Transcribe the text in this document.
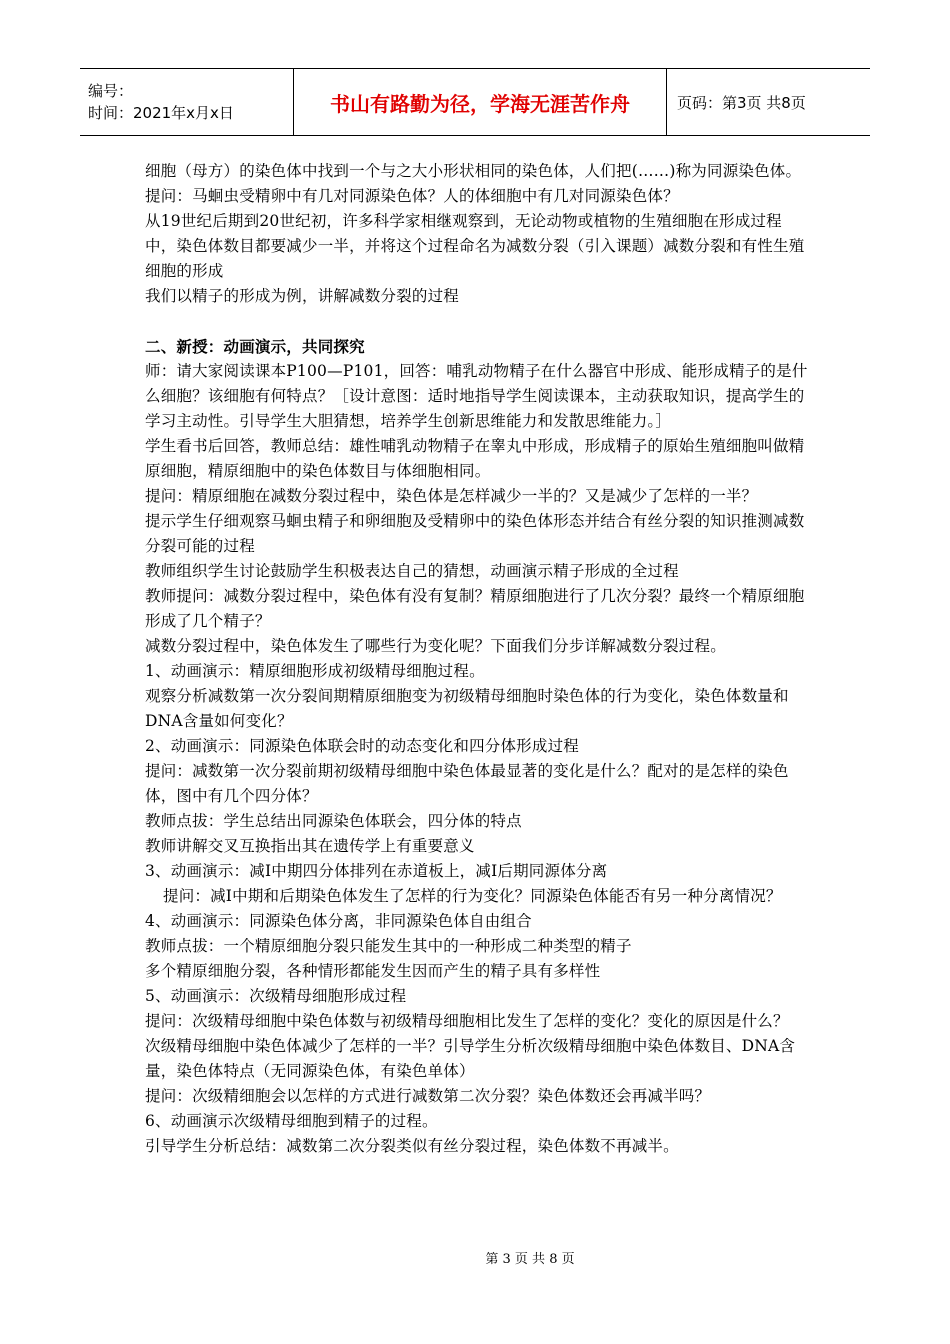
编号：
时间：2021年x月x日	书山有路勤为径，学海无涯苦作舟	页码：第3页 共8页

细胞（母方）的染色体中找到一个与之大小形状相同的染色体，人们把(……)称为同源染色体。

提问：马蛔虫受精卵中有几对同源染色体？人的体细胞中有几对同源染色体？

从19世纪后期到20世纪初，许多科学家相继观察到，无论动物或植物的生殖细胞在形成过程中，染色体数目都要减少一半，并将这个过程命名为减数分裂（引入课题）减数分裂和有性生殖细胞的形成

我们以精子的形成为例，讲解减数分裂的过程

二、新授：动画演示，共同探究

师：请大家阅读课本P100—P101，回答：哺乳动物精子在什么器官中形成、能形成精子的是什么细胞？该细胞有何特点？［设计意图：适时地指导学生阅读课本，主动获取知识，提高学生的学习主动性。引导学生大胆猜想，培养学生创新思维能力和发散思维能力。］

学生看书后回答，教师总结：雄性哺乳动物精子在睾丸中形成，形成精子的原始生殖细胞叫做精原细胞，精原细胞中的染色体数目与体细胞相同。

提问：精原细胞在减数分裂过程中，染色体是怎样减少一半的？又是减少了怎样的一半？

提示学生仔细观察马蛔虫精子和卵细胞及受精卵中的染色体形态并结合有丝分裂的知识推测减数分裂可能的过程

教师组织学生讨论鼓励学生积极表达自己的猜想，动画演示精子形成的全过程

教师提问：减数分裂过程中，染色体有没有复制？精原细胞进行了几次分裂？最终一个精原细胞形成了几个精子？

减数分裂过程中，染色体发生了哪些行为变化呢？下面我们分步详解减数分裂过程。

1、动画演示：精原细胞形成初级精母细胞过程。

观察分析减数第一次分裂间期精原细胞变为初级精母细胞时染色体的行为变化，染色体数量和DNA含量如何变化？

2、动画演示：同源染色体联会时的动态变化和四分体形成过程

提问：减数第一次分裂前期初级精母细胞中染色体最显著的变化是什么？配对的是怎样的染色体，图中有几个四分体？

教师点拔：学生总结出同源染色体联会，四分体的特点

教师讲解交叉互换指出其在遗传学上有重要意义

3、动画演示：减Ⅰ中期四分体排列在赤道板上，减Ⅰ后期同源体分离

提问：减Ⅰ中期和后期染色体发生了怎样的行为变化？同源染色体能否有另一种分离情况？

4、动画演示：同源染色体分离，非同源染色体自由组合

教师点拔：一个精原细胞分裂只能发生其中的一种形成二种类型的精子

多个精原细胞分裂，各种情形都能发生因而产生的精子具有多样性

5、动画演示：次级精母细胞形成过程

提问：次级精母细胞中染色体数与初级精母细胞相比发生了怎样的变化？变化的原因是什么？

次级精母细胞中染色体减少了怎样的一半？引导学生分析次级精母细胞中染色体数目、DNA含量，染色体特点（无同源染色体，有染色单体）

提问：次级精细胞会以怎样的方式进行减数第二次分裂？染色体数还会再减半吗？

6、动画演示次级精母细胞到精子的过程。

引导学生分析总结：减数第二次分裂类似有丝分裂过程，染色体数不再减半。

第 3 页 共 8 页
